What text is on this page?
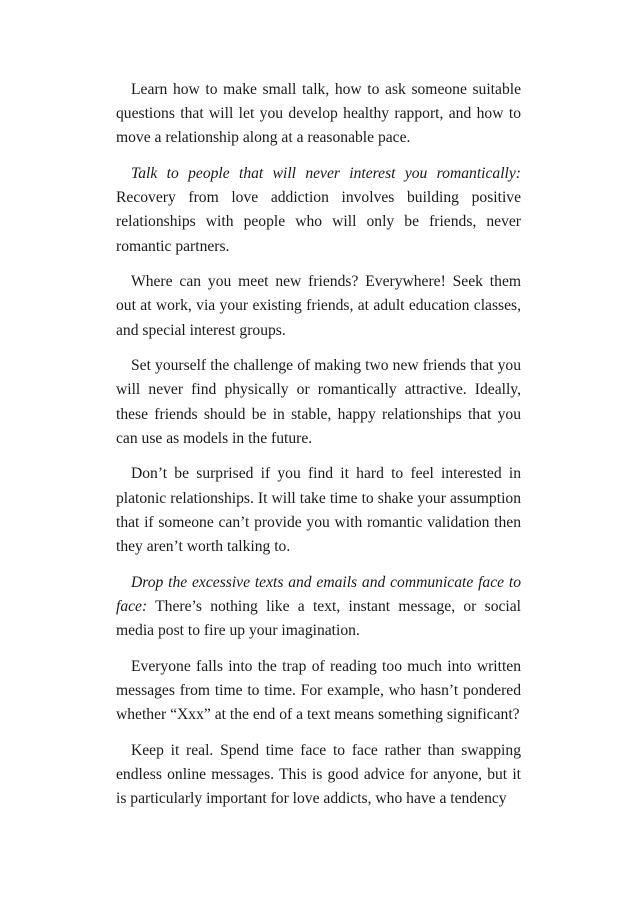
Learn how to make small talk, how to ask someone suitable questions that will let you develop healthy rapport, and how to move a relationship along at a reasonable pace.

Talk to people that will never interest you romantically: Recovery from love addiction involves building positive relationships with people who will only be friends, never romantic partners.

Where can you meet new friends? Everywhere! Seek them out at work, via your existing friends, at adult education classes, and special interest groups.

Set yourself the challenge of making two new friends that you will never find physically or romantically attractive. Ideally, these friends should be in stable, happy relationships that you can use as models in the future.

Don’t be surprised if you find it hard to feel interested in platonic relationships. It will take time to shake your assumption that if someone can’t provide you with romantic validation then they aren’t worth talking to.

Drop the excessive texts and emails and communicate face to face: There’s nothing like a text, instant message, or social media post to fire up your imagination.

Everyone falls into the trap of reading too much into written messages from time to time. For example, who hasn’t pondered whether “Xxx” at the end of a text means something significant?

Keep it real. Spend time face to face rather than swapping endless online messages. This is good advice for anyone, but it is particularly important for love addicts, who have a tendency
